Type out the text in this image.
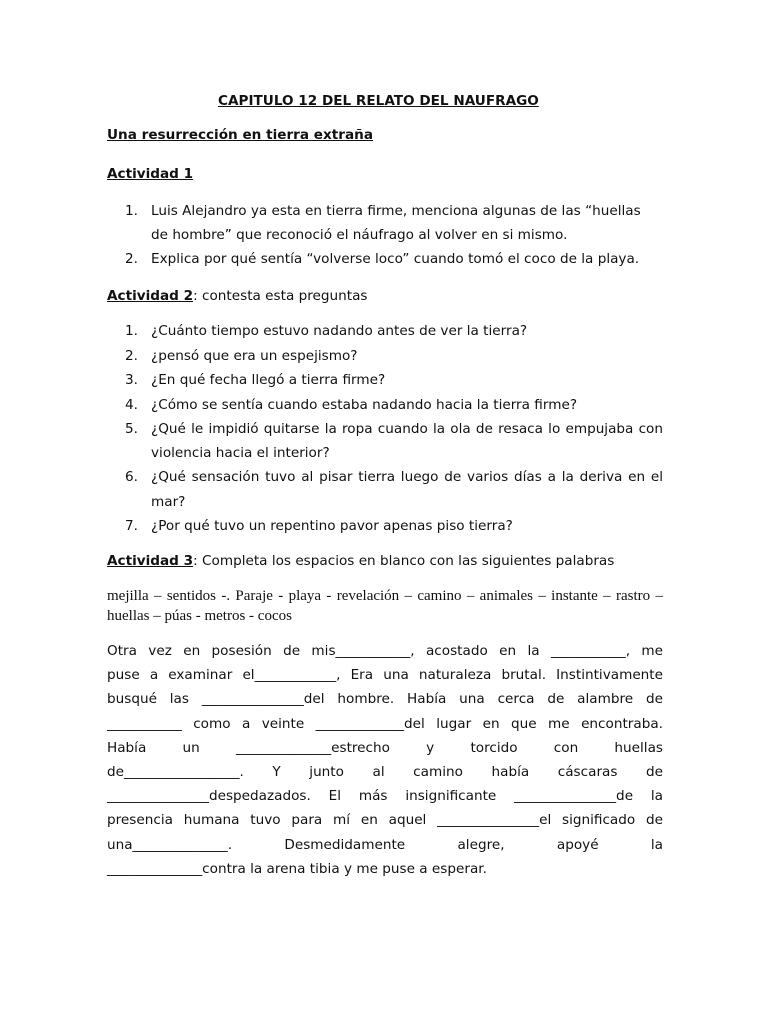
CAPITULO 12 DEL RELATO DEL NAUFRAGO
Una resurrección en tierra extraña
Actividad 1
1. Luis Alejandro ya esta en tierra firme, menciona algunas de las “huellas
de hombre” que reconoció el náufrago al volver en si mismo.
2. Explica por qué sentía “volverse loco” cuando tomó el coco de la playa.
Actividad 2: contesta esta preguntas
1. ¿Cuánto tiempo estuvo nadando antes de ver la tierra?
2. ¿pensó que era un espejismo?
3. ¿En qué fecha llegó a tierra firme?
4. ¿Cómo se sentía cuando estaba nadando hacia la tierra firme?
5. ¿Qué le impidió quitarse la ropa cuando la ola de resaca lo empujaba con
violencia hacia el interior?
6. ¿Qué sensación tuvo al pisar tierra luego de varios días a la deriva en el
mar?
7. ¿Por qué tuvo un repentino pavor apenas piso tierra?
Actividad 3: Completa los espacios en blanco con las siguientes palabras
mejilla – sentidos -. Paraje - playa - revelación – camino – animales – instante – rastro –
huellas – púas - metros - cocos
Otra vez en posesión de mis___________, acostado en la ___________, me
puse a examinar el____________, Era una naturaleza brutal. Instintivamente
busqué las _______________del hombre. Había una cerca de alambre de
___________ como a veinte _____________del lugar en que me encontraba.
Había un ______________estrecho y torcido con huellas
de_________________. Y junto al camino había cáscaras de
_______________despedazados. El más insignificante _______________de la
presencia humana tuvo para mí en aquel _______________el significado de
una______________. Desmedidamente alegre, apoyé la
______________contra la arena tibia y me puse a esperar.
